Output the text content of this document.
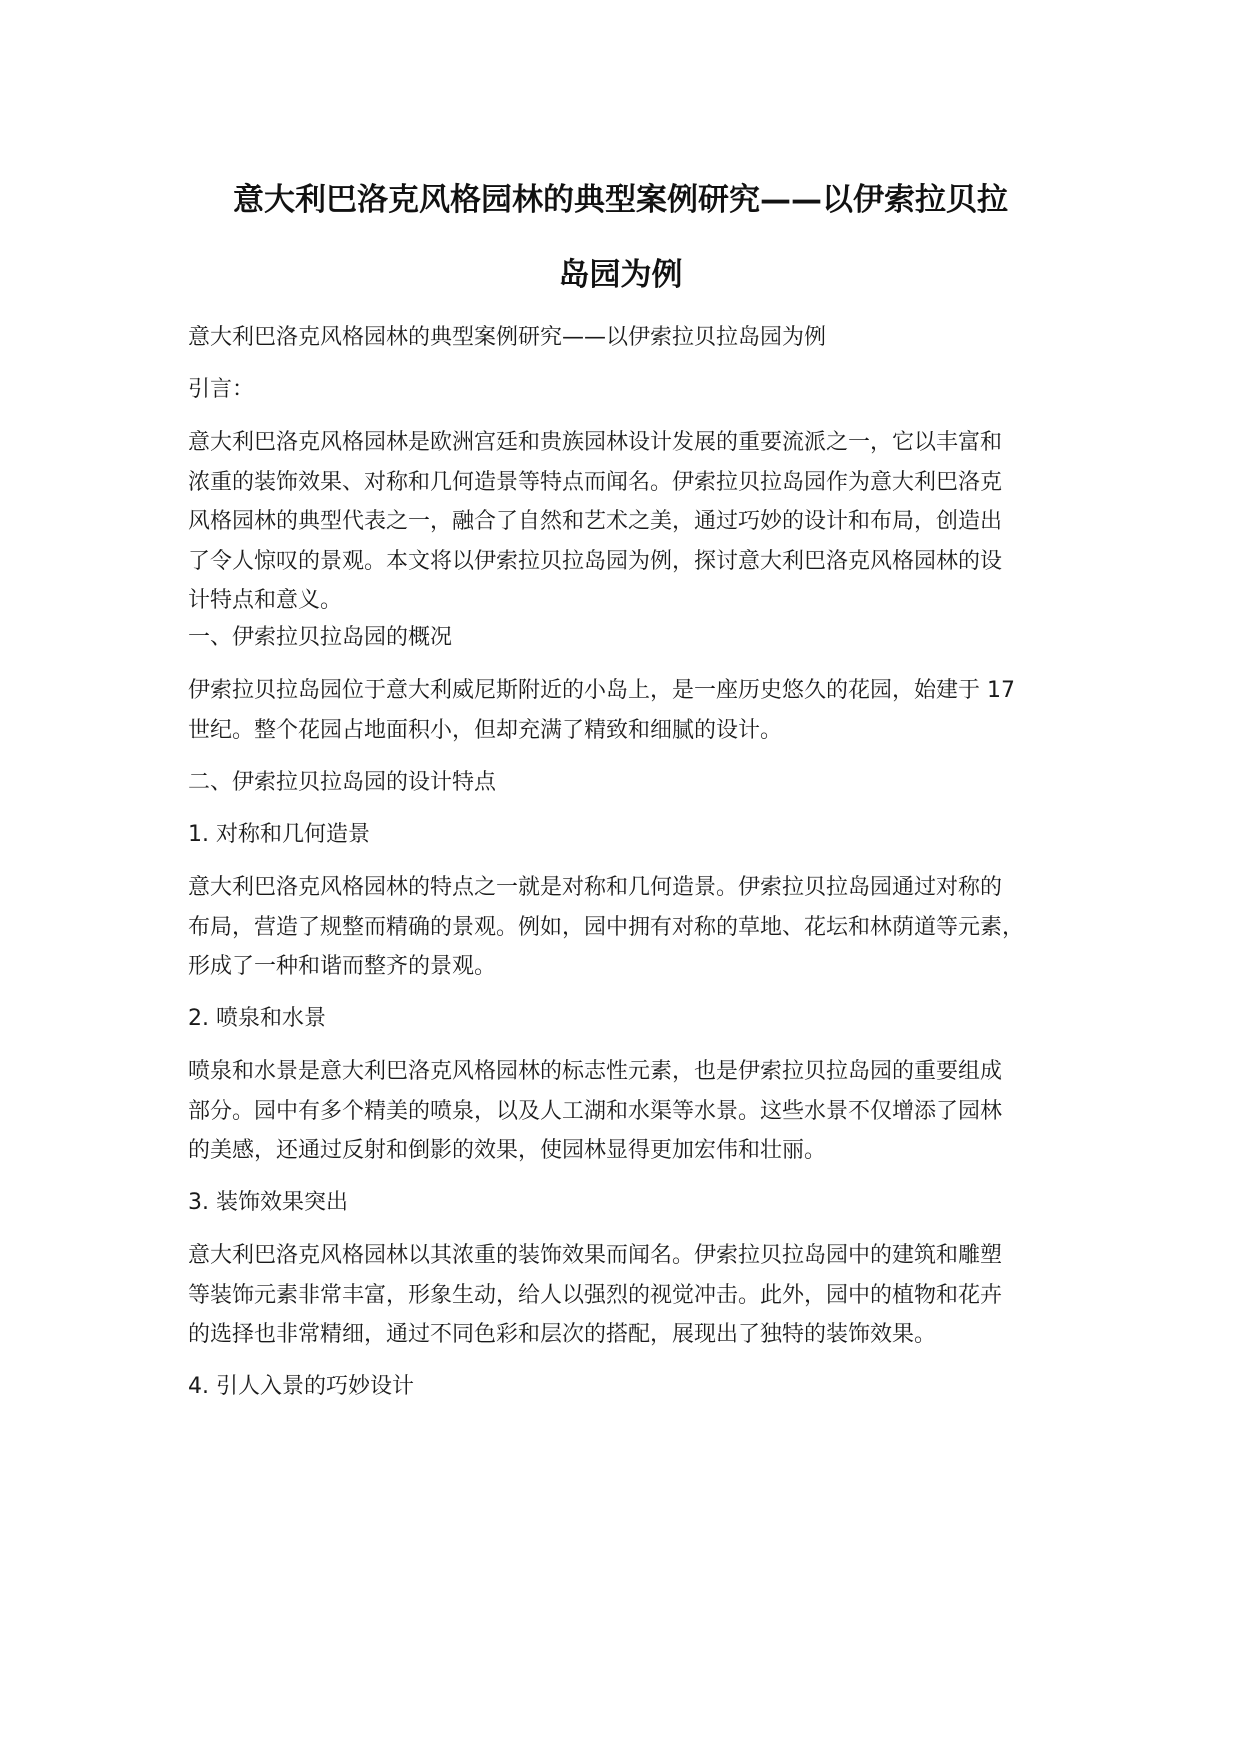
意大利巴洛克风格园林的典型案例研究——以伊索拉贝拉
岛园为例

意大利巴洛克风格园林的典型案例研究——以伊索拉贝拉岛园为例

引言：

意大利巴洛克风格园林是欧洲宫廷和贵族园林设计发展的重要流派之一，它以丰富和
浓重的装饰效果、对称和几何造景等特点而闻名。伊索拉贝拉岛园作为意大利巴洛克
风格园林的典型代表之一，融合了自然和艺术之美，通过巧妙的设计和布局，创造出
了令人惊叹的景观。本文将以伊索拉贝拉岛园为例，探讨意大利巴洛克风格园林的设
计特点和意义。

一、伊索拉贝拉岛园的概况

伊索拉贝拉岛园位于意大利威尼斯附近的小岛上，是一座历史悠久的花园，始建于 17
世纪。整个花园占地面积小，但却充满了精致和细腻的设计。

二、伊索拉贝拉岛园的设计特点

1. 对称和几何造景

意大利巴洛克风格园林的特点之一就是对称和几何造景。伊索拉贝拉岛园通过对称的
布局，营造了规整而精确的景观。例如，园中拥有对称的草地、花坛和林荫道等元素，
形成了一种和谐而整齐的景观。

2. 喷泉和水景

喷泉和水景是意大利巴洛克风格园林的标志性元素，也是伊索拉贝拉岛园的重要组成
部分。园中有多个精美的喷泉，以及人工湖和水渠等水景。这些水景不仅增添了园林
的美感，还通过反射和倒影的效果，使园林显得更加宏伟和壮丽。

3. 装饰效果突出

意大利巴洛克风格园林以其浓重的装饰效果而闻名。伊索拉贝拉岛园中的建筑和雕塑
等装饰元素非常丰富，形象生动，给人以强烈的视觉冲击。此外，园中的植物和花卉
的选择也非常精细，通过不同色彩和层次的搭配，展现出了独特的装饰效果。

4. 引人入景的巧妙设计
